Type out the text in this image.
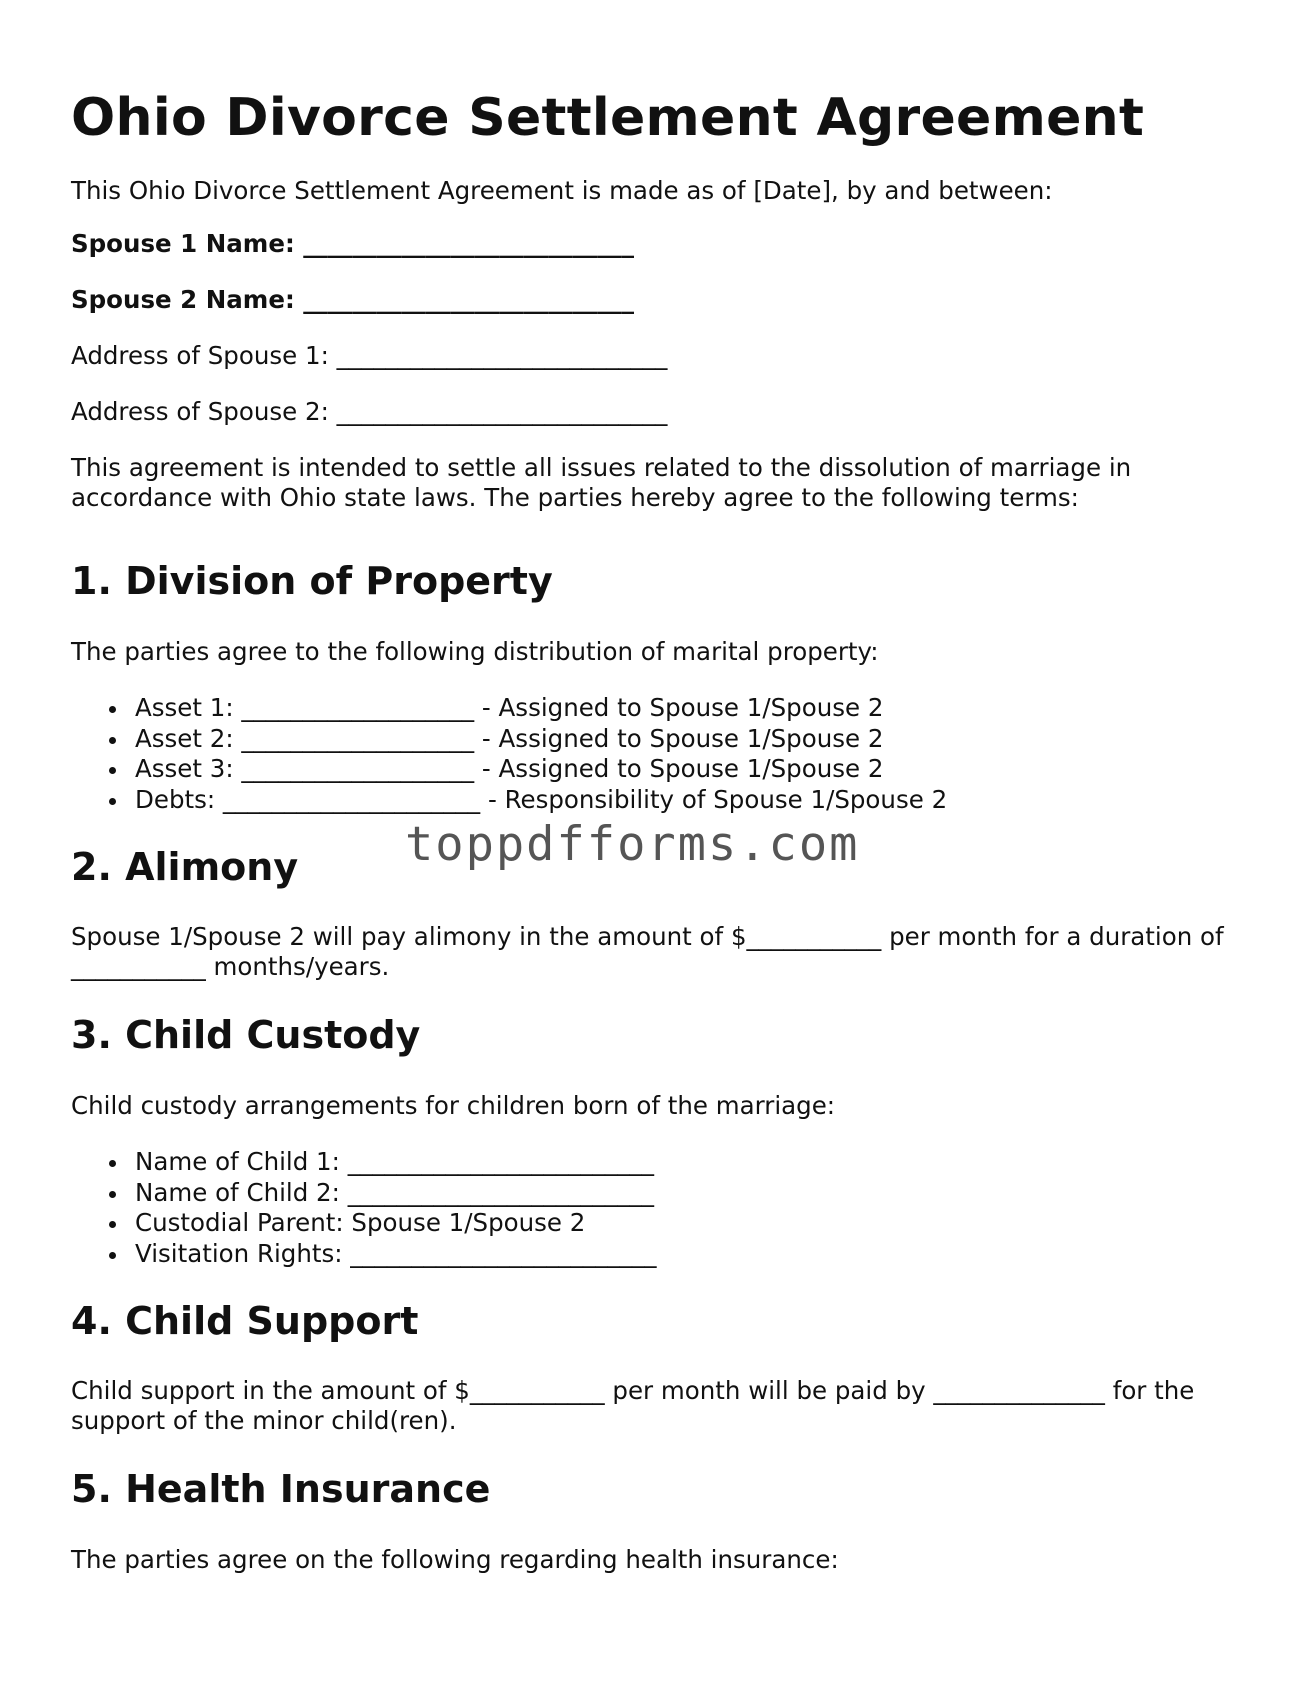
Ohio Divorce Settlement Agreement

This Ohio Divorce Settlement Agreement is made as of [Date], by and between:

Spouse 1 Name: ___________________________

Spouse 2 Name: ___________________________

Address of Spouse 1: ___________________________

Address of Spouse 2: ___________________________

This agreement is intended to settle all issues related to the dissolution of marriage in accordance with Ohio state laws. The parties hereby agree to the following terms:

1. Division of Property

The parties agree to the following distribution of marital property:

Asset 1: ___________________ - Assigned to Spouse 1/Spouse 2
Asset 2: ___________________ - Assigned to Spouse 1/Spouse 2
Asset 3: ___________________ - Assigned to Spouse 1/Spouse 2
Debts: _____________________ - Responsibility of Spouse 1/Spouse 2
2. Alimony

Spouse 1/Spouse 2 will pay alimony in the amount of $___________ per month for a duration of ___________ months/years.

3. Child Custody

Child custody arrangements for children born of the marriage:

Name of Child 1: _________________________
Name of Child 2: _________________________
Custodial Parent: Spouse 1/Spouse 2
Visitation Rights: _________________________
4. Child Support

Child support in the amount of $___________ per month will be paid by ______________ for the support of the minor child(ren).

5. Health Insurance

The parties agree on the following regarding health insurance:

toppdfforms.com
